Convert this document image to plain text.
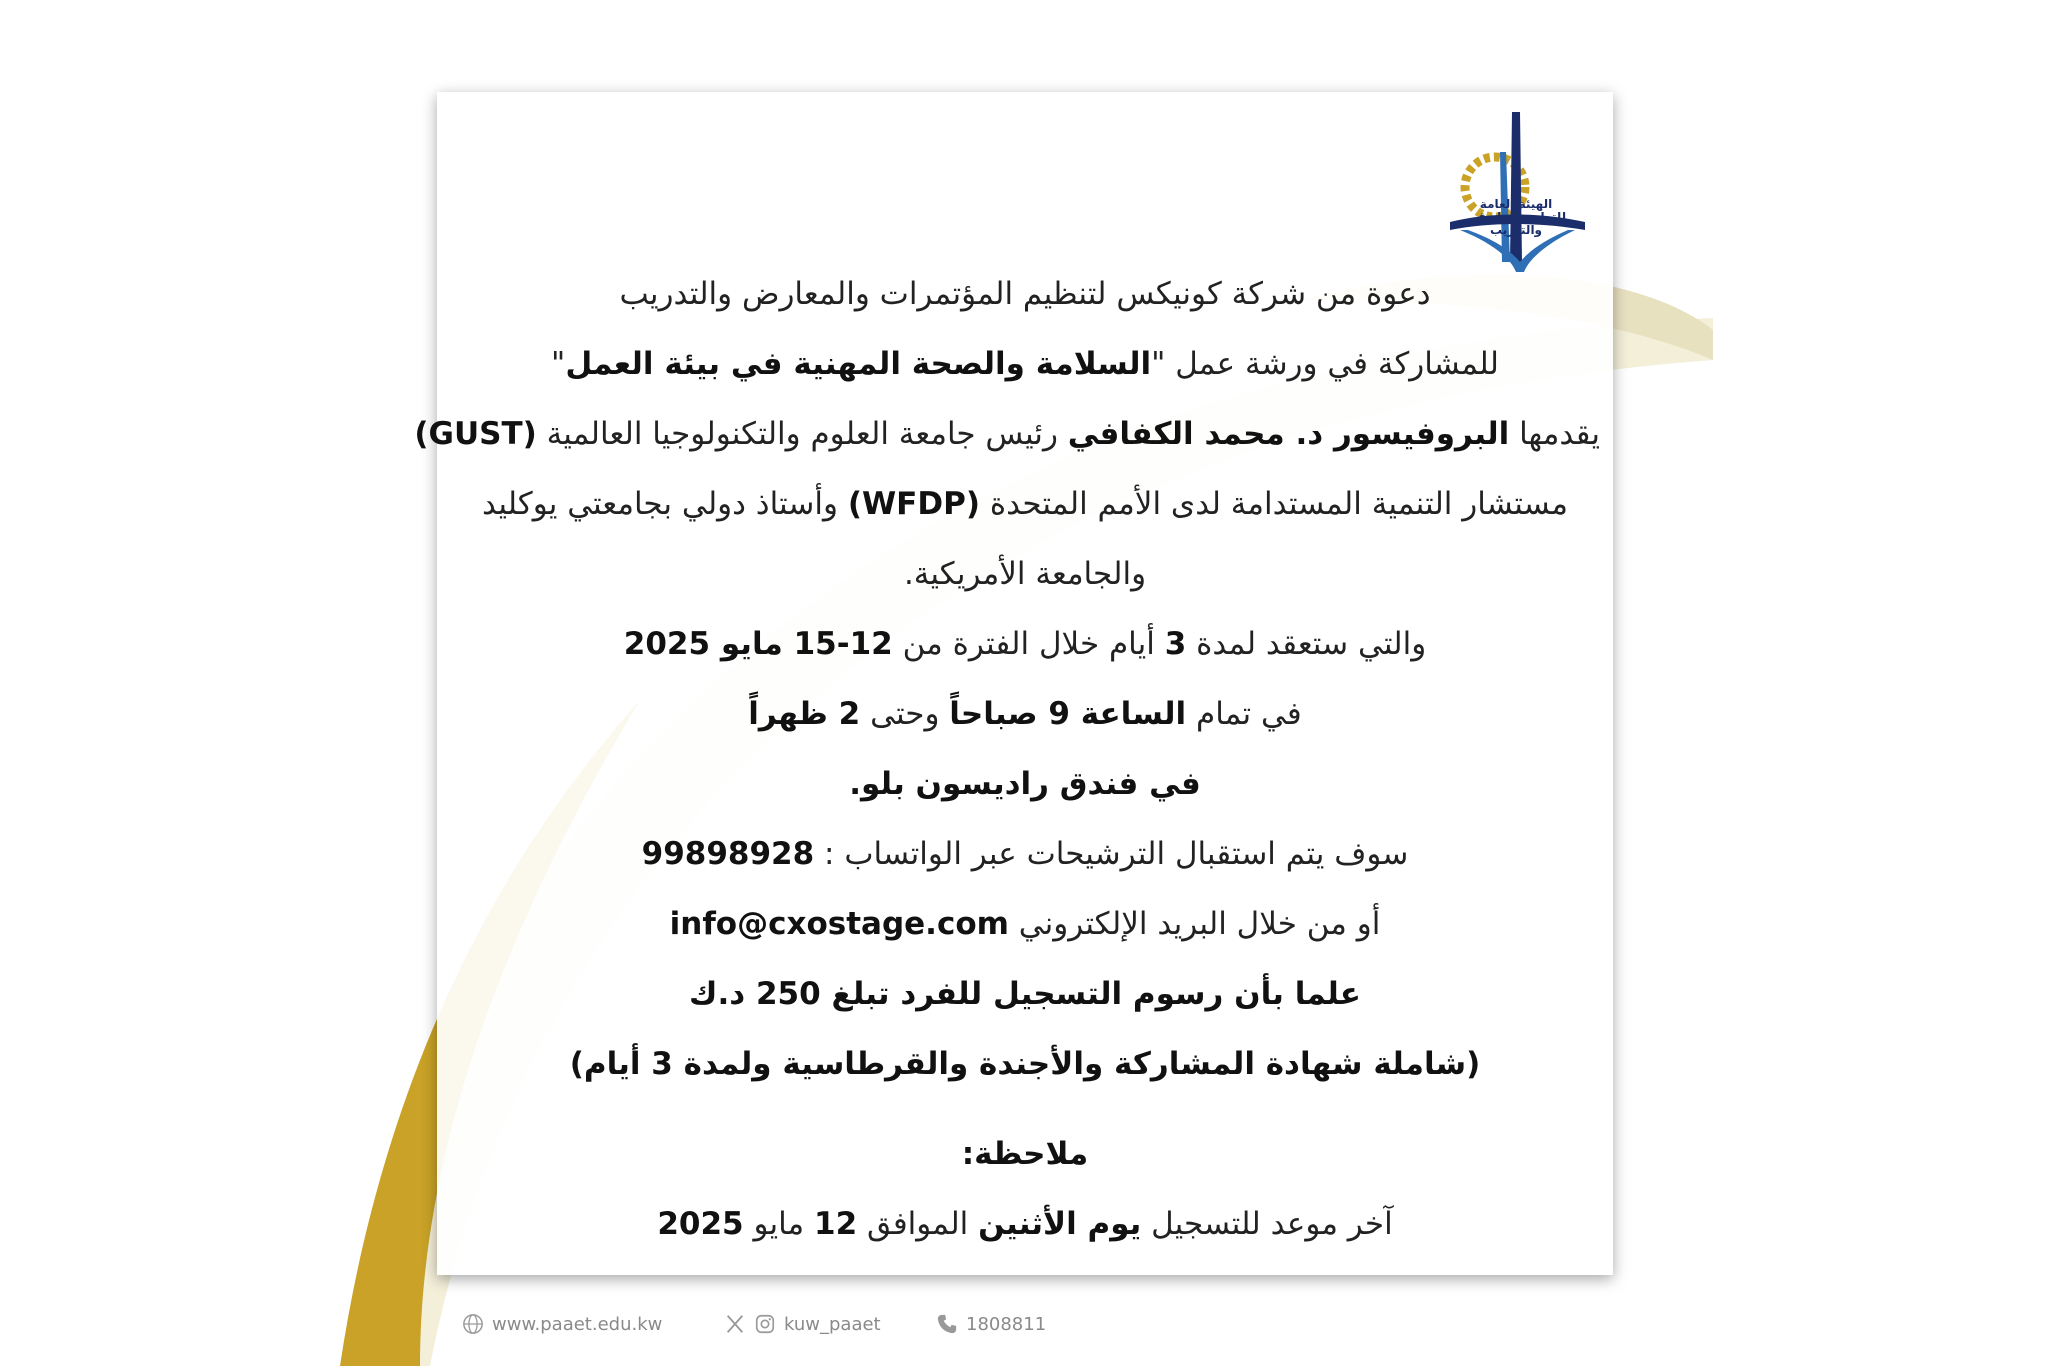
الهيئة العامة
للتعليم التطبيقي والتدريب
دعوة من شركة كونيكس لتنظيم المؤتمرات والمعارض والتدريب
للمشاركة في ورشة عمل "السلامة والصحة المهنية في بيئة العمل"
يقدمها البروفيسور د. محمد الكفافي رئيس جامعة العلوم والتكنولوجيا العالمية (GUST)
مستشار التنمية المستدامة لدى الأمم المتحدة (WFDP) وأستاذ دولي بجامعتي يوكليد
والجامعة الأمريكية.
والتي ستعقد لمدة 3 أيام خلال الفترة من 12-15 مايو 2025
في تمام الساعة 9 صباحاً وحتى 2 ظهراً
في فندق راديسون بلو.
سوف يتم استقبال الترشيحات عبر الواتساب : 99898928
أو من خلال البريد الإلكتروني info@cxostage.com
علما بأن رسوم التسجيل للفرد تبلغ 250 د.ك
(شاملة شهادة المشاركة والأجندة والقرطاسية ولمدة 3 أيام)
ملاحظة:
آخر موعد للتسجيل يوم الأثنين الموافق 12 مايو 2025
www.paaet.edu.kw	kuw_paaet	1808811
